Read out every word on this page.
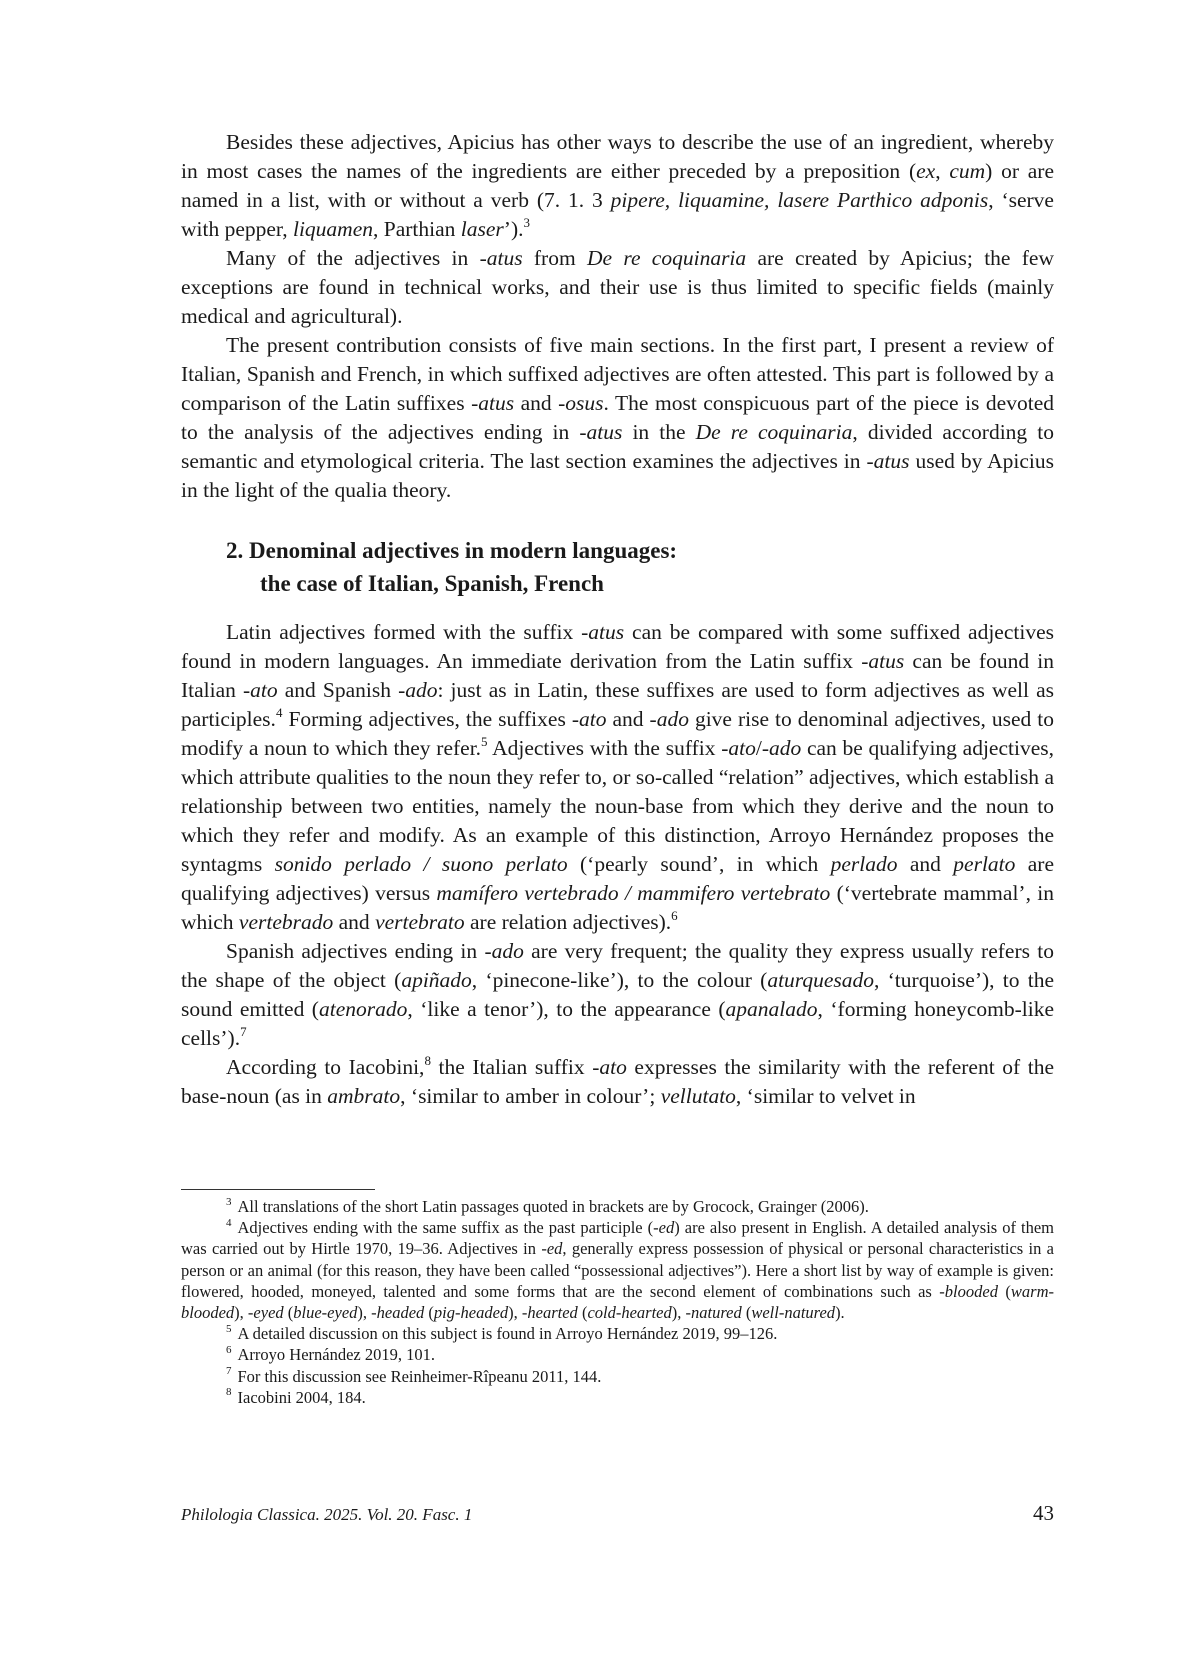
Besides these adjectives, Apicius has other ways to describe the use of an ingredient, whereby in most cases the names of the ingredients are either preceded by a preposition (ex, cum) or are named in a list, with or without a verb (7. 1. 3 pipere, liquamine, lasere Parthico adponis, ‘serve with pepper, liquamen, Parthian laser’).$^3$

Many of the adjectives in -atus from De re coquinaria are created by Apicius; the few exceptions are found in technical works, and their use is thus limited to specific fields (mainly medical and agricultural).

The present contribution consists of five main sections. In the first part, I present a review of Italian, Spanish and French, in which suffixed adjectives are often attested. This part is followed by a comparison of the Latin suffixes -atus and -osus. The most conspicuous part of the piece is devoted to the analysis of the adjectives ending in -atus in the De re coquinaria, divided according to semantic and etymological criteria. The last section examines the adjectives in -atus used by Apicius in the light of the qualia theory.

2. Denominal adjectives in modern languages:
the case of Italian, Spanish, French

Latin adjectives formed with the suffix -atus can be compared with some suffixed adjectives found in modern languages. An immediate derivation from the Latin suffix -atus can be found in Italian -ato and Spanish -ado: just as in Latin, these suffixes are used to form adjectives as well as participles.$^4$ Forming adjectives, the suffixes -ato and -ado give rise to denominal adjectives, used to modify a noun to which they refer.$^5$ Adjectives with the suffix -ato/-ado can be qualifying adjectives, which attribute qualities to the noun they refer to, or so-called “relation” adjectives, which establish a relationship between two entities, namely the noun-base from which they derive and the noun to which they refer and modify. As an example of this distinction, Arroyo Hernández proposes the syntagms sonido perlado / suono perlato (‘pearly sound’, in which perlado and perlato are qualifying adjectives) versus mamífero vertebrado / mammifero vertebrato (‘vertebrate mammal’, in which vertebrado and vertebrato are relation adjectives).$^6$

Spanish adjectives ending in -ado are very frequent; the quality they express usually refers to the shape of the object (apiñado, ‘pinecone-like’), to the colour (aturquesado, ‘turquoise’), to the sound emitted (atenorado, ‘like a tenor’), to the appearance (apanalado, ‘forming honeycomb-like cells’).$^7$

According to Iacobini,$^8$ the Italian suffix -ato expresses the similarity with the referent of the base-noun (as in ambrato, ‘similar to amber in colour’; vellutato, ‘similar to velvet in

$^3$ All translations of the short Latin passages quoted in brackets are by Grocock, Grainger (2006).

$^4$ Adjectives ending with the same suffix as the past participle (-ed) are also present in English. A detailed analysis of them was carried out by Hirtle 1970, 19–36. Adjectives in -ed, generally express possession of physical or personal characteristics in a person or an animal (for this reason, they have been called “possessional adjectives”). Here a short list by way of example is given: flowered, hooded, moneyed, talented and some forms that are the second element of combinations such as -blooded (warm-blooded), -eyed (blue-eyed), -headed (pig-headed), -hearted (cold-hearted), -natured (well-natured).

$^5$ A detailed discussion on this subject is found in Arroyo Hernández 2019, 99–126.

$^6$ Arroyo Hernández 2019, 101.

$^7$ For this discussion see Reinheimer-Rîpeanu 2011, 144.

$^8$ Iacobini 2004, 184.

Philologia Classica. 2025. Vol. 20. Fasc. 1	43
